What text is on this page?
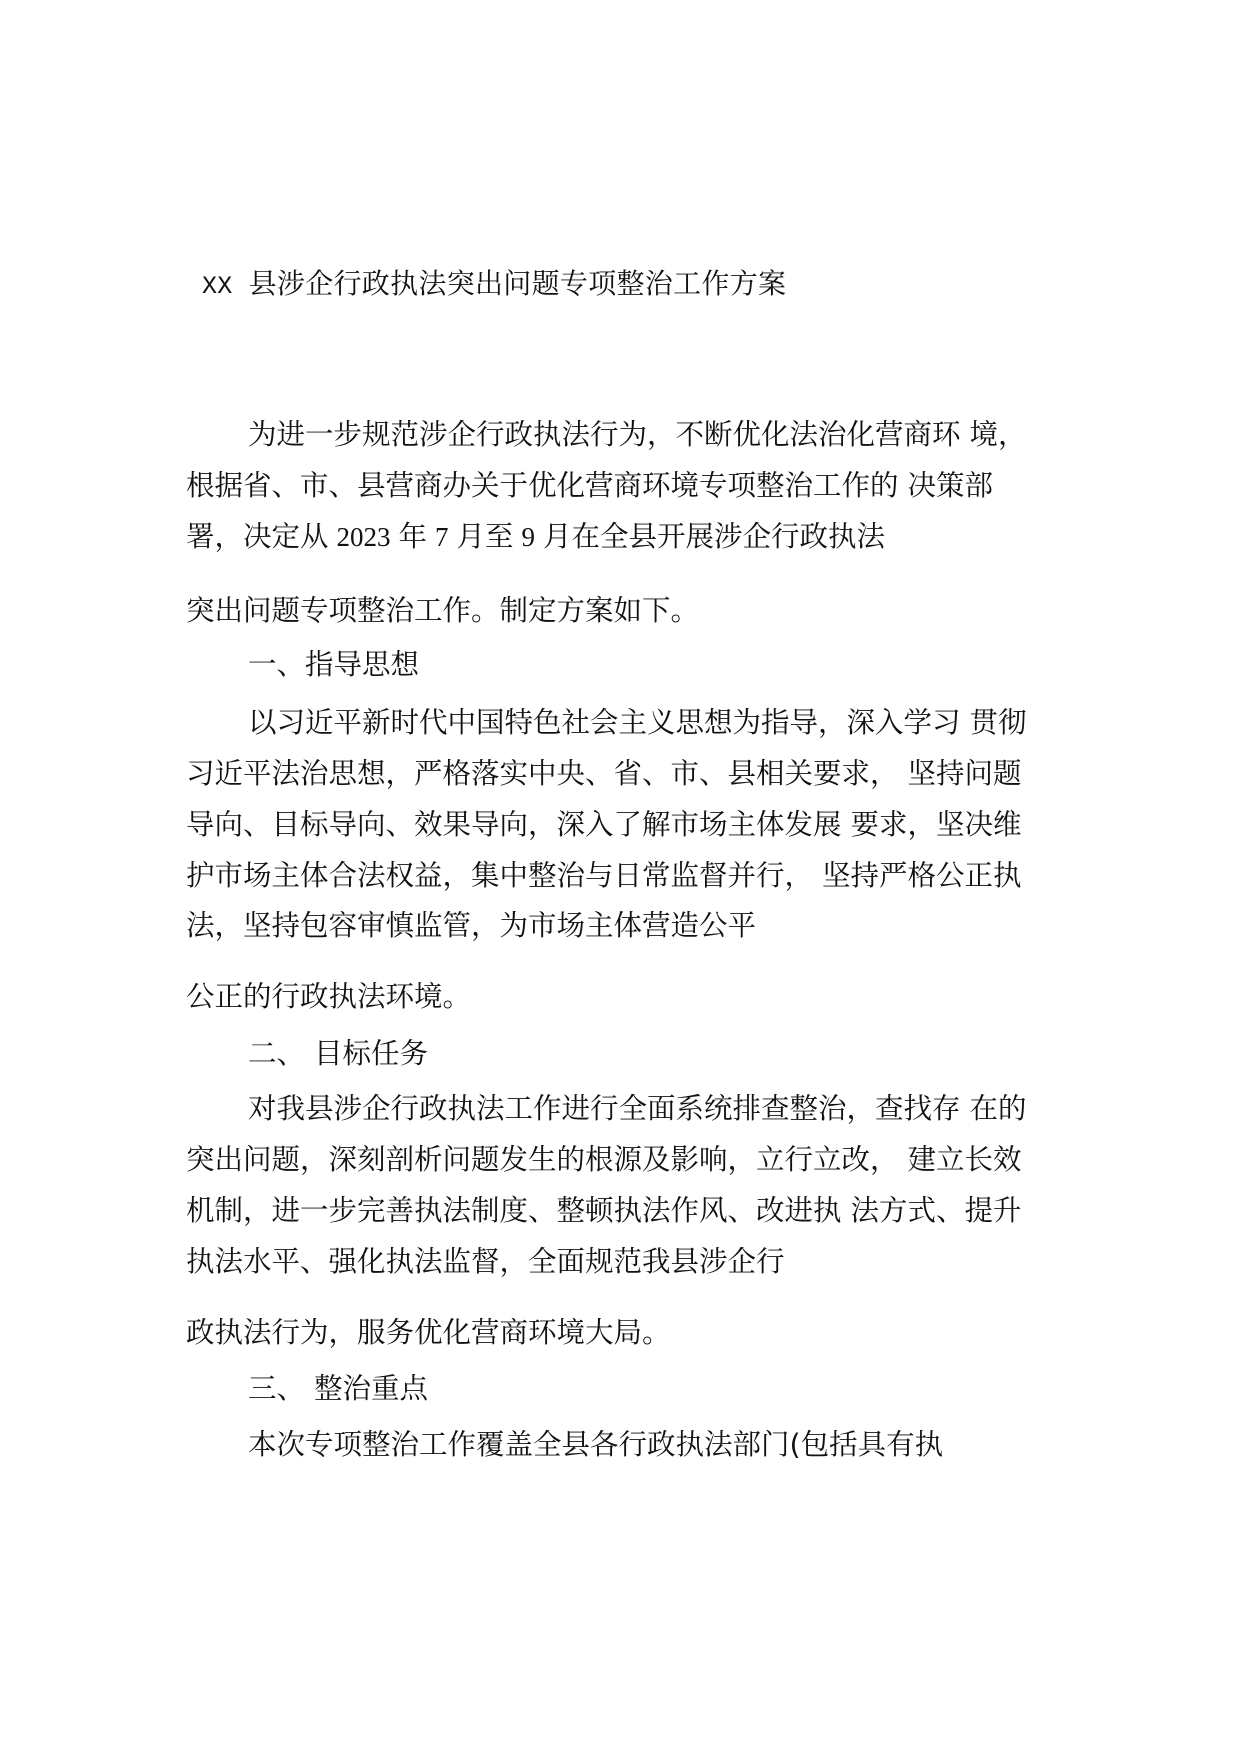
XX 县涉企行政执法突出问题专项整治工作方案
为进一步规范涉企行政执法行为，不断优化法治化营商环 境，
根据省、市、县营商办关于优化营商环境专项整治工作的 决策部
署，决定从 2023 年 7 月至 9 月在全县开展涉企行政执法
突出问题专项整治工作。制定方案如下。
一、指导思想
以习近平新时代中国特色社会主义思想为指导，深入学习 贯彻
习近平法治思想，严格落实中央、省、市、县相关要求， 坚持问题
导向、目标导向、效果导向，深入了解市场主体发展 要求，坚决维
护市场主体合法权益，集中整治与日常监督并行， 坚持严格公正执
法，坚持包容审慎监管，为市场主体营造公平
公正的行政执法环境。
二、 目标任务
对我县涉企行政执法工作进行全面系统排查整治，查找存 在的
突出问题，深刻剖析问题发生的根源及影响，立行立改， 建立长效
机制，进一步完善执法制度、整顿执法作风、改进执 法方式、提升
执法水平、强化执法监督，全面规范我县涉企行
政执法行为，服务优化营商环境大局。
三、 整治重点
本次专项整治工作覆盖全县各行政执法部门(包括具有执
